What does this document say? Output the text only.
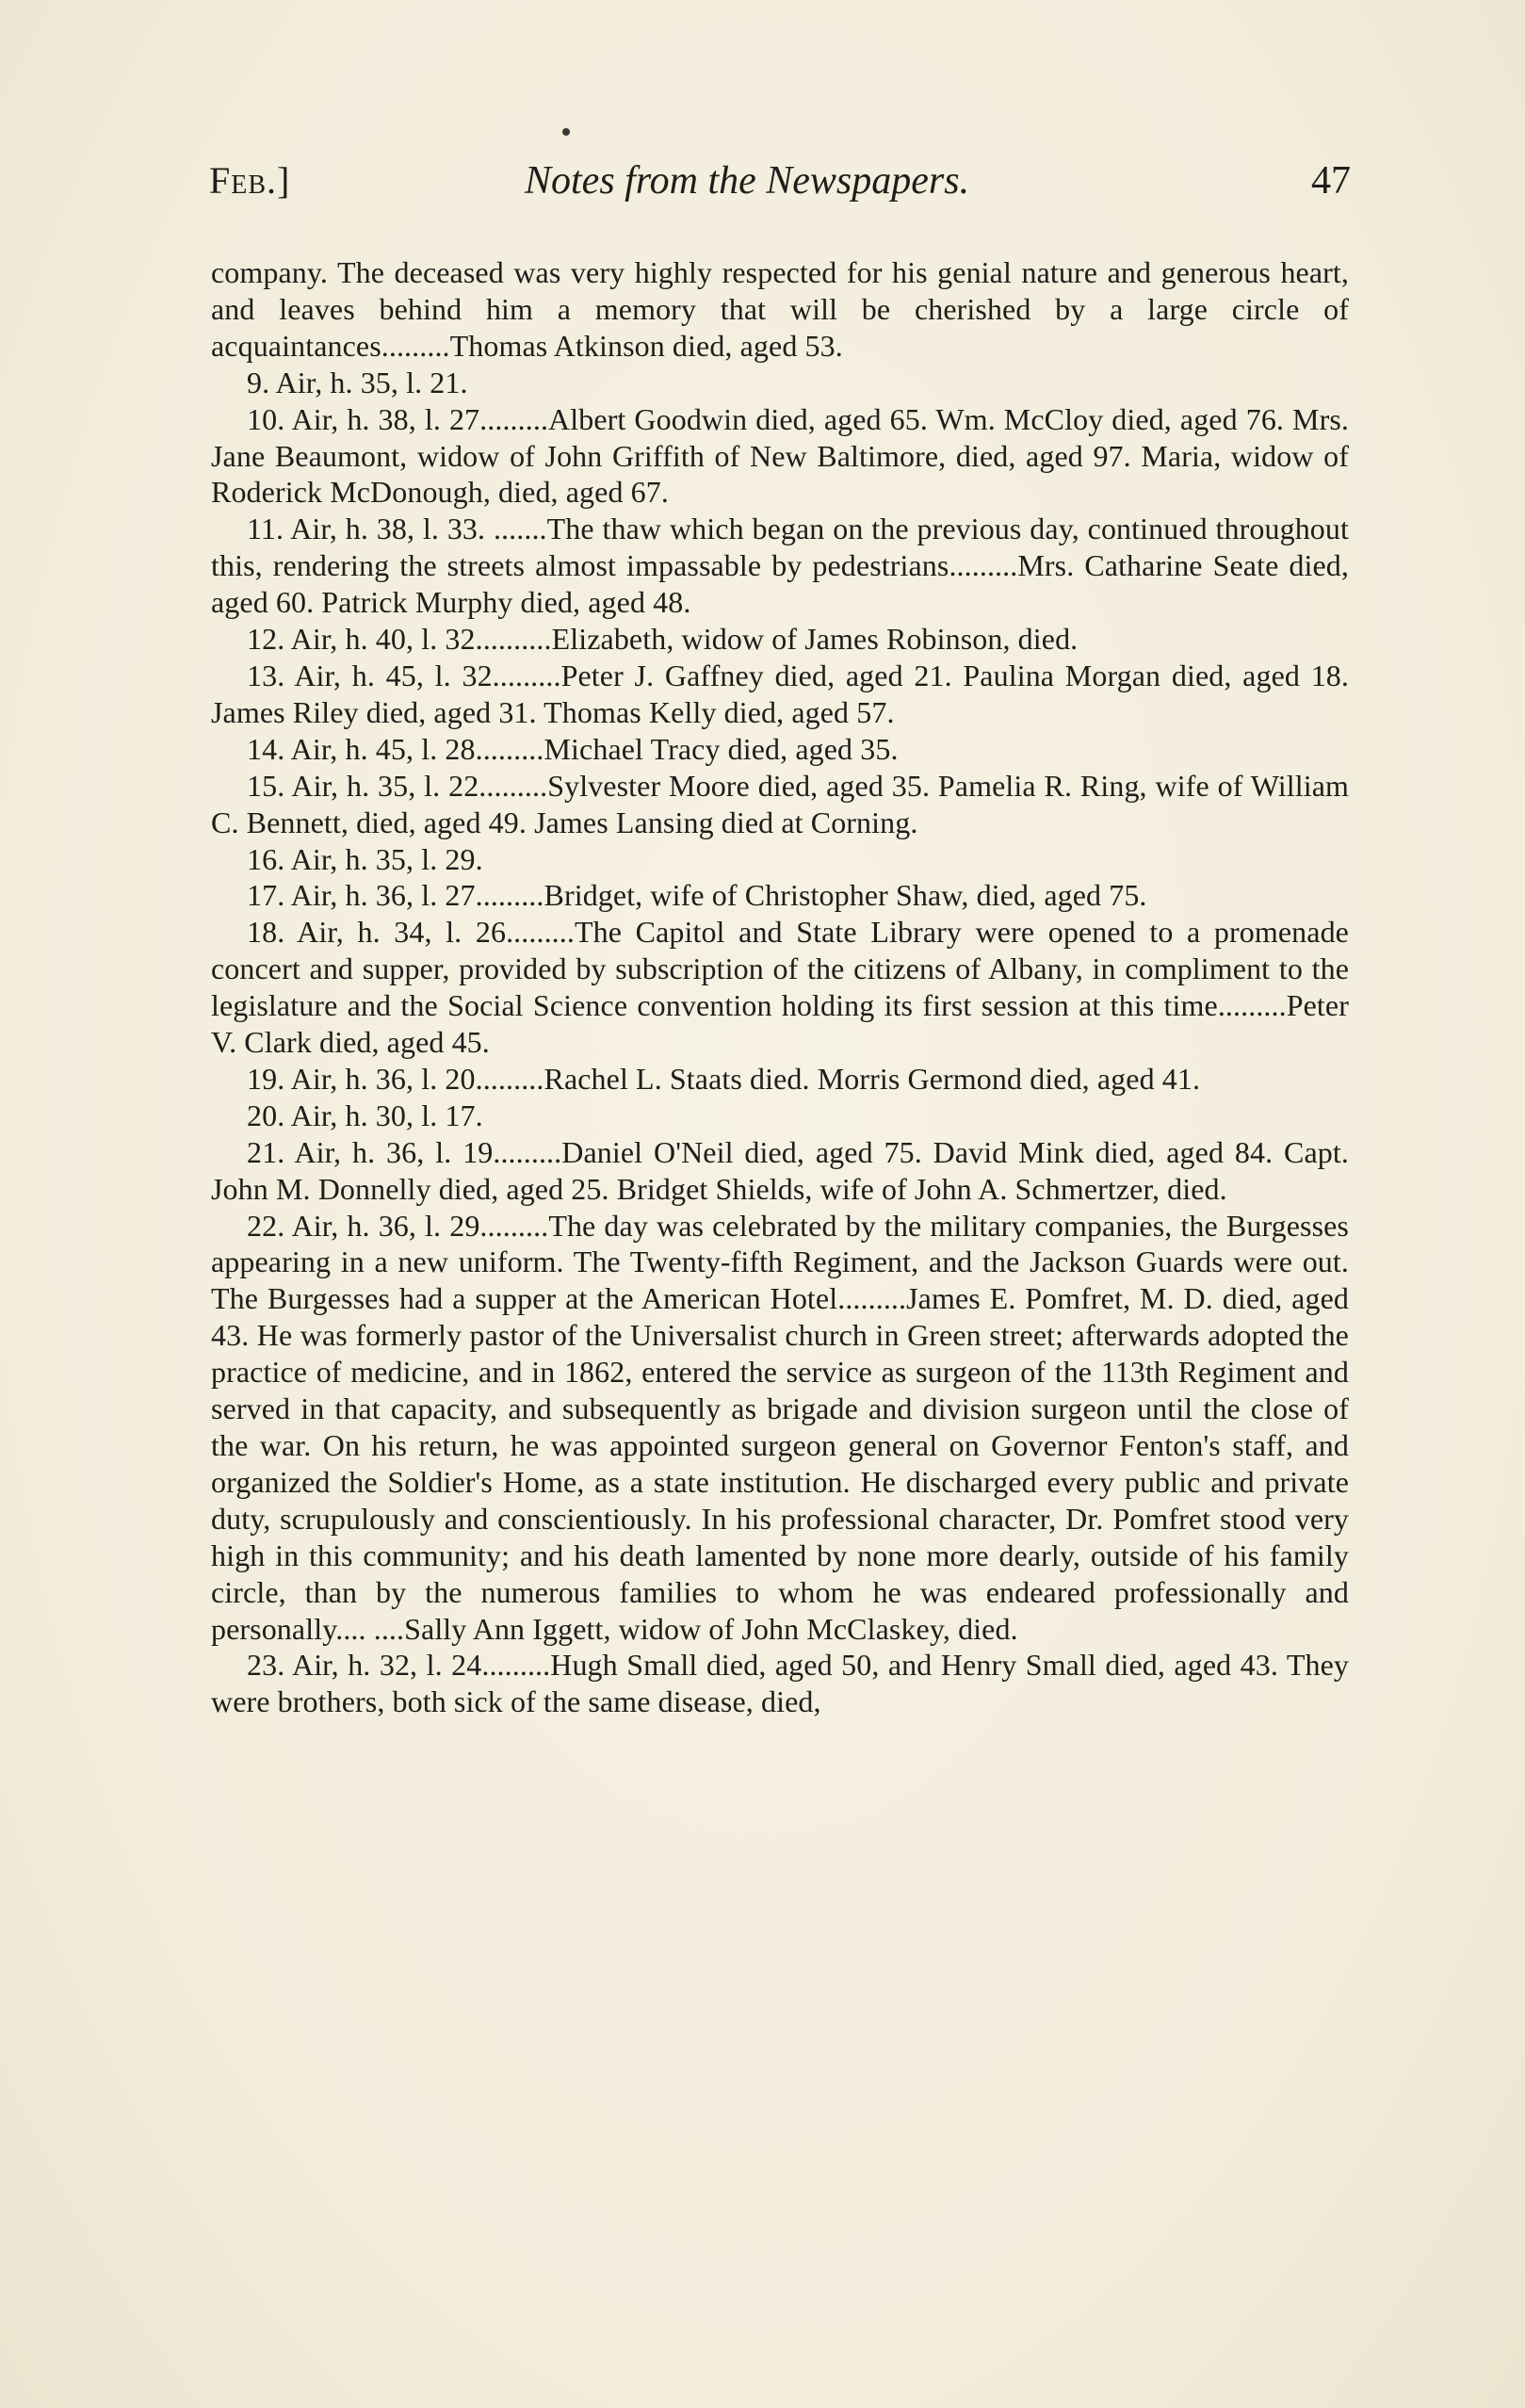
Feb.]	Notes from the Newspapers.	47

company. The deceased was very highly respected for his genial nature and generous heart, and leaves behind him a memory that will be cherished by a large circle of acquaintances.........Thomas Atkinson died, aged 53.

9. Air, h. 35, l. 21.

10. Air, h. 38, l. 27.........Albert Goodwin died, aged 65. Wm. McCloy died, aged 76. Mrs. Jane Beaumont, widow of John Griffith of New Baltimore, died, aged 97. Maria, widow of Roderick McDonough, died, aged 67.

11. Air, h. 38, l. 33. .......The thaw which began on the previous day, continued throughout this, rendering the streets almost impassable by pedestrians.........Mrs. Catharine Seate died, aged 60. Patrick Murphy died, aged 48.

12. Air, h. 40, l. 32..........Elizabeth, widow of James Robinson, died.

13. Air, h. 45, l. 32.........Peter J. Gaffney died, aged 21. Paulina Morgan died, aged 18. James Riley died, aged 31. Thomas Kelly died, aged 57.

14. Air, h. 45, l. 28.........Michael Tracy died, aged 35.

15. Air, h. 35, l. 22.........Sylvester Moore died, aged 35. Pamelia R. Ring, wife of William C. Bennett, died, aged 49. James Lansing died at Corning.

16. Air, h. 35, l. 29.

17. Air, h. 36, l. 27.........Bridget, wife of Christopher Shaw, died, aged 75.

18. Air, h. 34, l. 26.........The Capitol and State Library were opened to a promenade concert and supper, provided by subscription of the citizens of Albany, in compliment to the legislature and the Social Science convention holding its first session at this time.........Peter V. Clark died, aged 45.

19. Air, h. 36, l. 20.........Rachel L. Staats died. Morris Germond died, aged 41.

20. Air, h. 30, l. 17.

21. Air, h. 36, l. 19.........Daniel O'Neil died, aged 75. David Mink died, aged 84. Capt. John M. Donnelly died, aged 25. Bridget Shields, wife of John A. Schmertzer, died.

22. Air, h. 36, l. 29.........The day was celebrated by the military companies, the Burgesses appearing in a new uniform. The Twenty-fifth Regiment, and the Jackson Guards were out. The Burgesses had a supper at the American Hotel.........James E. Pomfret, M. D. died, aged 43. He was formerly pastor of the Universalist church in Green street; afterwards adopted the practice of medicine, and in 1862, entered the service as surgeon of the 113th Regiment and served in that capacity, and subsequently as brigade and division surgeon until the close of the war. On his return, he was appointed surgeon general on Governor Fenton's staff, and organized the Soldier's Home, as a state institution. He discharged every public and private duty, scrupulously and conscientiously. In his professional character, Dr. Pomfret stood very high in this community; and his death lamented by none more dearly, outside of his family circle, than by the numerous families to whom he was endeared professionally and personally.... ....Sally Ann Iggett, widow of John McClaskey, died.

23. Air, h. 32, l. 24.........Hugh Small died, aged 50, and Henry Small died, aged 43. They were brothers, both sick of the same disease, died,
